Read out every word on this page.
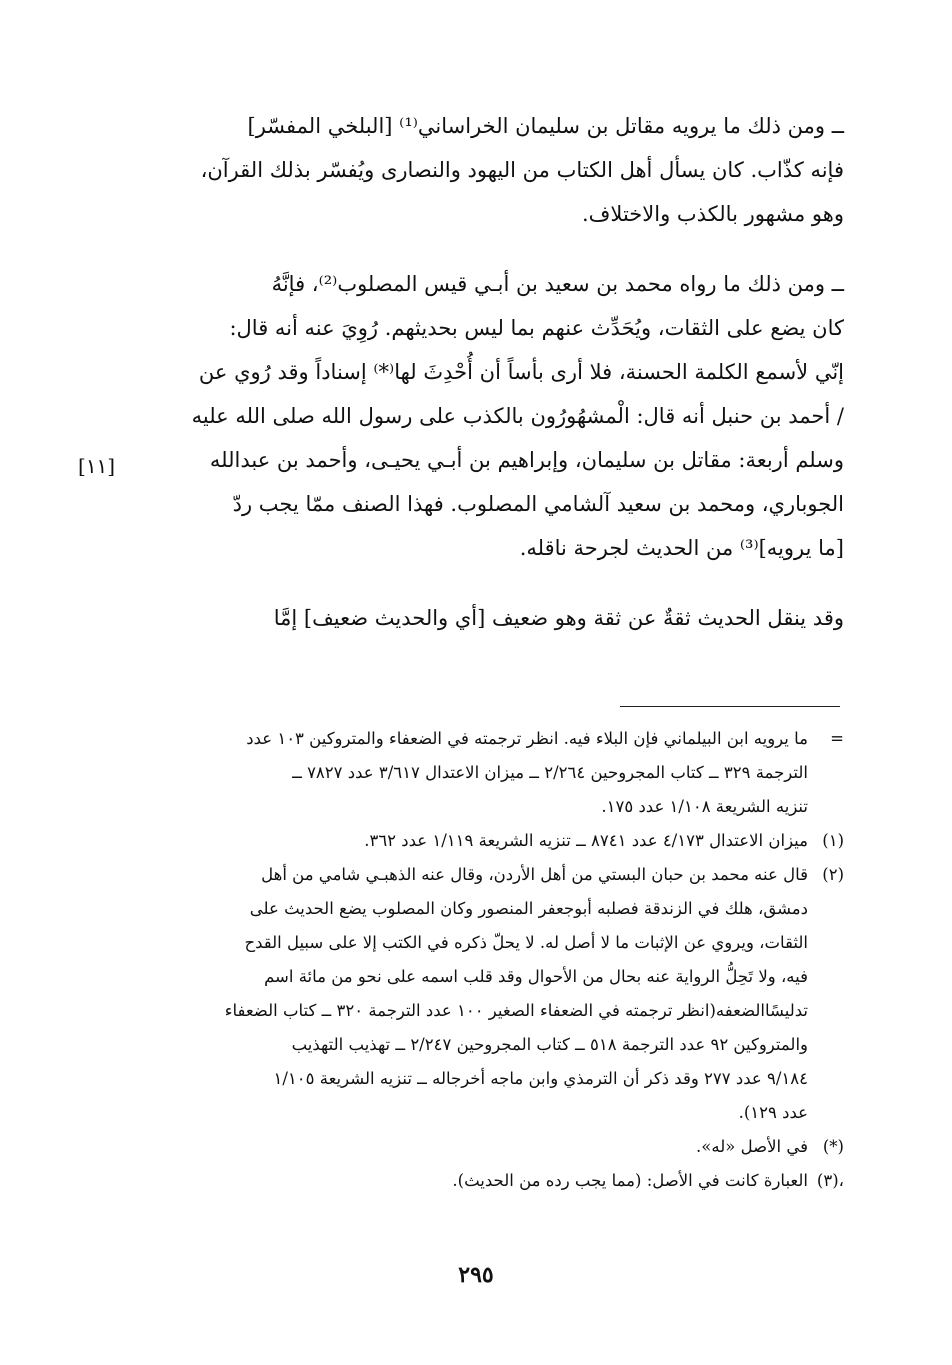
ــ ومن ذلك ما يرويه مقاتل بن سليمان الخراساني⁽¹⁾ [البلخي المفسّر]
فإنه كذّاب. كان يسأل أهل الكتاب من اليهود والنصارى ويُفسّر بذلك القرآن،
وهو مشهور بالكذب والاختلاف.
ــ ومن ذلك ما رواه محمد بن سعيد بن أبـي قيس المصلوب⁽²⁾، فإنَّهُ
كان يضع على الثقات، ويُحَدِّث عنهم بما ليس بحديثهم. رُوِيَ عنه أنه قال:
إنّي لأسمع الكلمة الحسنة، فلا أرى بأساً أن أُحْدِثَ لها⁽*⁾ إسناداً وقد رُوي عن
/ أحمد بن حنبل أنه قال: الْمشهُورُون بالكذب على رسول الله صلى الله عليه
وسلم أربعة: مقاتل بن سليمان، وإبراهيم بن أبـي يحيـى، وأحمد بن عبدالله
الجوباري، ومحمد بن سعيد آلشامي المصلوب. فهذا الصنف ممّا يجب ردّ
[ما يرويه]⁽³⁾ من الحديث لجرحة ناقله.
وقد ينقل الحديث ثقةٌ عن ثقة وهو ضعيف [أي والحديث ضعيف] إمَّا
[١١]
=
ما يرويه ابن البيلماني فإن البلاء فيه. انظر ترجمته في الضعفاء والمتروكين ١٠٣ عدد
الترجمة ٣٢٩ ــ كتاب المجروحين ٢/٢٦٤ ــ ميزان الاعتدال ٣/٦١٧ عدد ٧٨٢٧ ــ
تنزيه الشريعة ١/١٠٨ عدد ١٧٥.
(١)
ميزان الاعتدال ٤/١٧٣ عدد ٨٧٤١ ــ تنزيه الشريعة ١/١١٩ عدد ٣٦٢.
(٢)
قال عنه محمد بن حبان البستي من أهل الأردن، وقال عنه الذهبـي شامي من أهل
دمشق، هلك في الزندقة فصلبه أبوجعفر المنصور وكان المصلوب يضع الحديث على
الثقات، ويروي عن الإثبات ما لا أصل له. لا يحلّ ذكره في الكتب إلا على سبيل القدح
فيه، ولا تَحِلُّ الرواية عنه بحال من الأحوال وقد قلب اسمه على نحو من مائة اسم
تدليسًاالضعفه(انظر ترجمته في الضعفاء الصغير ١٠٠ عدد الترجمة ٣٢٠ ــ كتاب الضعفاء
والمتروكين ٩٢ عدد الترجمة ٥١٨ ــ كتاب المجروحين ٢/٢٤٧ ــ تهذيب التهذيب
٩/١٨٤ عدد ٢٧٧ وقد ذكر أن الترمذي وابن ماجه أخرجاله ــ تنزيه الشريعة ١/١٠٥
عدد ١٢٩).
(*)
في الأصل «له».
،(٣)
العبارة كانت في الأصل: (مما يجب رده من الحديث).
٢٩٥
